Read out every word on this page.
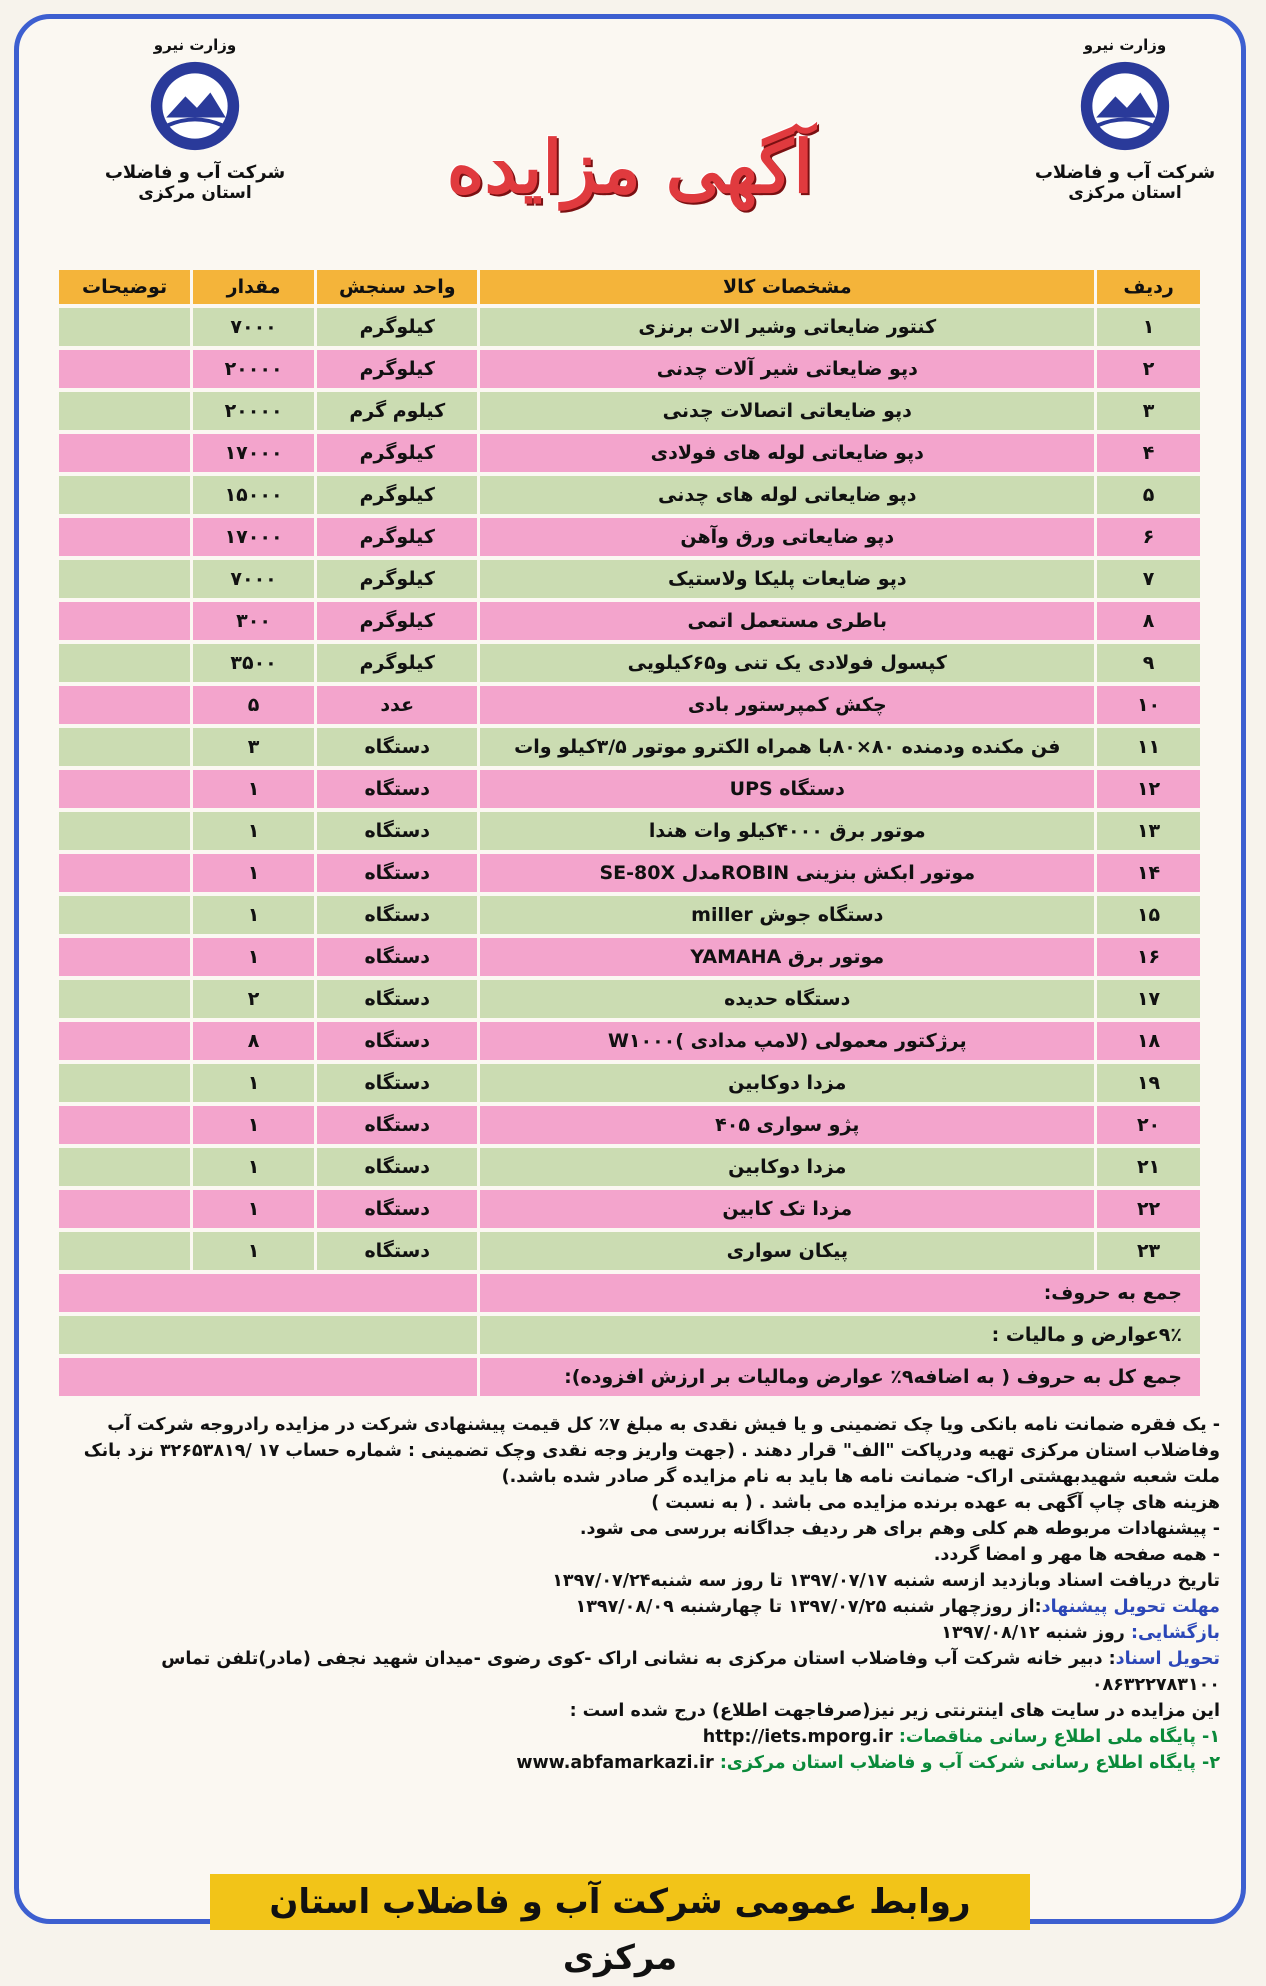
وزارت نیرو
شرکت آب و فاضلاب
استان مرکزی
وزارت نیرو
شرکت آب و فاضلاب
استان مرکزی	آگهی مزایده
ردیف	مشخصات کالا	واحد سنجش	مقدار	توضیحات
۱	کنتور ضایعاتی وشیر الات برنزی	کیلوگرم	۷۰۰۰	
۲	دپو ضایعاتی شیر آلات چدنی	کیلوگرم	۲۰۰۰۰	
۳	دپو ضایعاتی اتصالات چدنی	کیلوم گرم	۲۰۰۰۰	
۴	دپو ضایعاتی لوله های فولادی	کیلوگرم	۱۷۰۰۰	
۵	دپو ضایعاتی لوله های چدنی	کیلوگرم	۱۵۰۰۰	
۶	دپو ضایعاتی ورق وآهن	کیلوگرم	۱۷۰۰۰	
۷	دپو ضایعات پلیکا ولاستیک	کیلوگرم	۷۰۰۰	
۸	باطری مستعمل اتمی	کیلوگرم	۳۰۰	
۹	کپسول فولادی یک تنی و۶۵کیلویی	کیلوگرم	۳۵۰۰	
۱۰	چکش کمپرستور بادی	عدد	۵	
۱۱	فن مکنده ودمنده ۸۰×۸۰با همراه الکترو موتور ۳/۵کیلو وات	دستگاه	۳	
۱۲	دستگاه UPS	دستگاه	۱	
۱۳	موتور برق ۴۰۰۰کیلو وات هندا	دستگاه	۱	
۱۴	موتور ابکش بنزینی ROBINمدل SE-80X	دستگاه	۱	
۱۵	دستگاه جوش miller	دستگاه	۱	
۱۶	موتور برق YAMAHA	دستگاه	۱	
۱۷	دستگاه حدیده	دستگاه	۲	
۱۸	پرژکتور معمولی (لامپ مدادی )W۱۰۰۰	دستگاه	۸	
۱۹	مزدا دوکابین	دستگاه	۱	
۲۰	پژو سواری ۴۰۵	دستگاه	۱	
۲۱	مزدا دوکابین	دستگاه	۱	
۲۲	مزدا تک کابین	دستگاه	۱	
۲۳	پیکان سواری	دستگاه	۱	
جمع به حروف:				
۹٪عوارض و مالیات :				
جمع کل به حروف ( به اضافه۹٪ عوارض ومالیات بر ارزش افزوده):				

- یک فقره ضمانت نامه بانکی ویا چک تضمینی و یا فیش نقدی به مبلغ ۷٪ کل قیمت پیشنهادی شرکت در مزایده رادروجه شرکت آب وفاضلاب استان مرکزی تهیه ودرپاکت "الف" قرار دهند . (جهت واریز وجه نقدی وچک تضمینی : شماره حساب ۱۷ /۳۲۶۵۳۸۱۹ نزد بانک ملت شعبه شهیدبهشتی اراک- ضمانت نامه ها باید به نام مزایده گر صادر شده باشد.)

هزینه های چاپ آگهی به عهده برنده مزایده می باشد . ( به نسبت )

- پیشنهادات مربوطه هم کلی وهم برای هر ردیف جداگانه بررسی می شود.

- همه صفحه ها مهر و امضا گردد.

تاریخ دریافت اسناد وبازدید ازسه شنبه ۱۳۹۷/۰۷/۱۷ تا روز سه شنبه۱۳۹۷/۰۷/۲۴

مهلت تحویل پیشنهاد:از روزچهار شنبه ۱۳۹۷/۰۷/۲۵ تا چهارشنبه ۱۳۹۷/۰۸/۰۹

بازگشایی: روز شنبه ۱۳۹۷/۰۸/۱۲

تحویل اسناد: دبیر خانه شرکت آب وفاضلاب استان مرکزی به نشانی اراک -کوی رضوی -میدان شهید نجفی (مادر)تلفن تماس ۰۸۶۳۲۲۷۸۳۱۰۰

این مزایده در سایت های اینترنتی زیر نیز(صرفاجهت اطلاع) درج شده است :

۱- پایگاه ملی اطلاع رسانی مناقصات: http://iets.mporg.ir

۲- پایگاه اطلاع رسانی شرکت آب و فاضلاب استان مرکزی: www.abfamarkazi.ir

روابط عمومی شرکت آب و فاضلاب استان مرکزی
